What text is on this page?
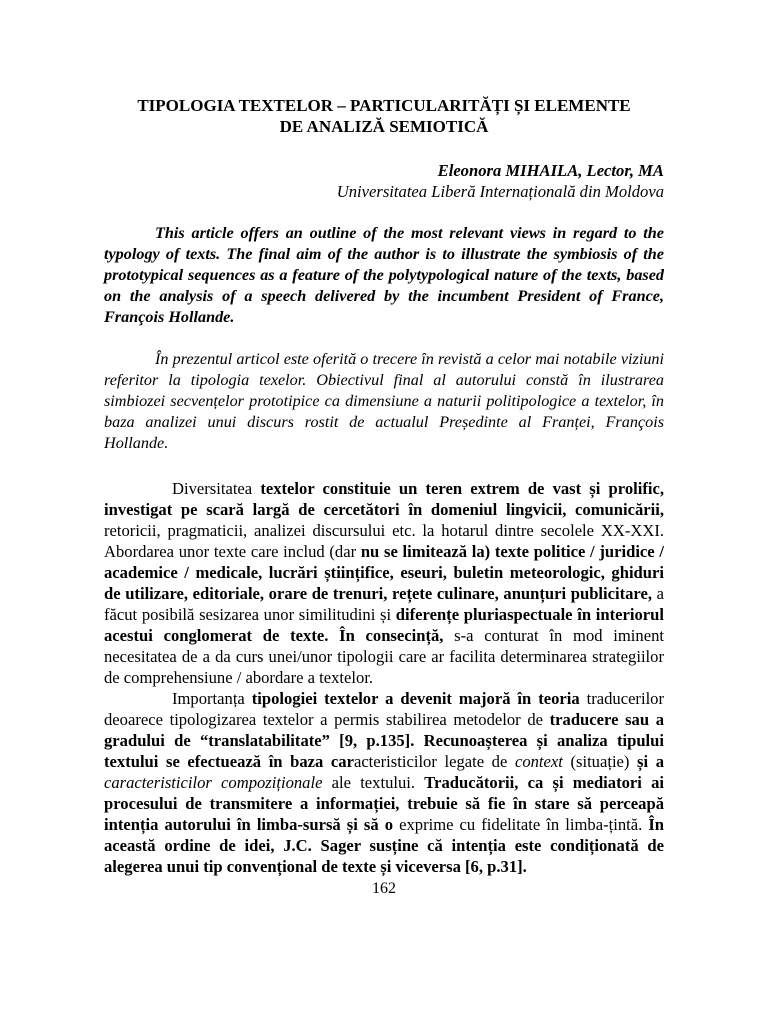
TIPOLOGIA TEXTELOR – PARTICULARITĂȚI ȘI ELEMENTE
DE ANALIZĂ SEMIOTICĂ
Eleonora MIHAILA, Lector, MA
Universitatea Liberă Internațională din Moldova

This article offers an outline of the most relevant views in regard to the typology of texts. The final aim of the author is to illustrate the symbiosis of the prototypical sequences as a feature of the polytypological nature of the texts, based on the analysis of a speech delivered by the incumbent President of France, François Hollande.

În prezentul articol este oferită o trecere în revistă a celor mai notabile viziuni referitor la tipologia texelor. Obiectivul final al autorului constă în ilustrarea simbiozei secvențelor prototipice ca dimensiune a naturii politipologice a textelor, în baza analizei unui discurs rostit de actualul Președinte al Franței, François Hollande.

Diversitatea textelor constituie un teren extrem de vast și prolific, investigat pe scară largă de cercetători în domeniul lingvicii, comunicării, retoricii, pragmaticii, analizei discursului etc. la hotarul dintre secolele XX-XXI. Abordarea unor texte care includ (dar nu se limitează la) texte politice / juridice / academice / medicale, lucrări științifice, eseuri, buletin meteorologic, ghiduri de utilizare, editoriale, orare de trenuri, rețete culinare, anunțuri publicitare, a făcut posibilă sesizarea unor similitudini și diferențe pluriaspectuale în interiorul acestui conglomerat de texte. În consecință, s-a conturat în mod iminent necesitatea de a da curs unei/unor tipologii care ar facilita determinarea strategiilor de comprehensiune / abordare a textelor.

Importanța tipologiei textelor a devenit majoră în teoria traducerilor deoarece tipologizarea textelor a permis stabilirea metodelor de traducere sau a gradului de “translatabilitate” [9, p.135]. Recunoașterea și analiza tipului textului se efectuează în baza caracteristicilor legate de context (situație) și a caracteristicilor compoziționale ale textului. Traducătorii, ca și mediatori ai procesului de transmitere a informației, trebuie să fie în stare să perceapă intenția autorului în limba-sursă și să o exprime cu fidelitate în limba-țintă. În această ordine de idei, J.C. Sager susține că intenția este condiționată de alegerea unui tip convențional de texte și viceversa [6, p.31].

162
